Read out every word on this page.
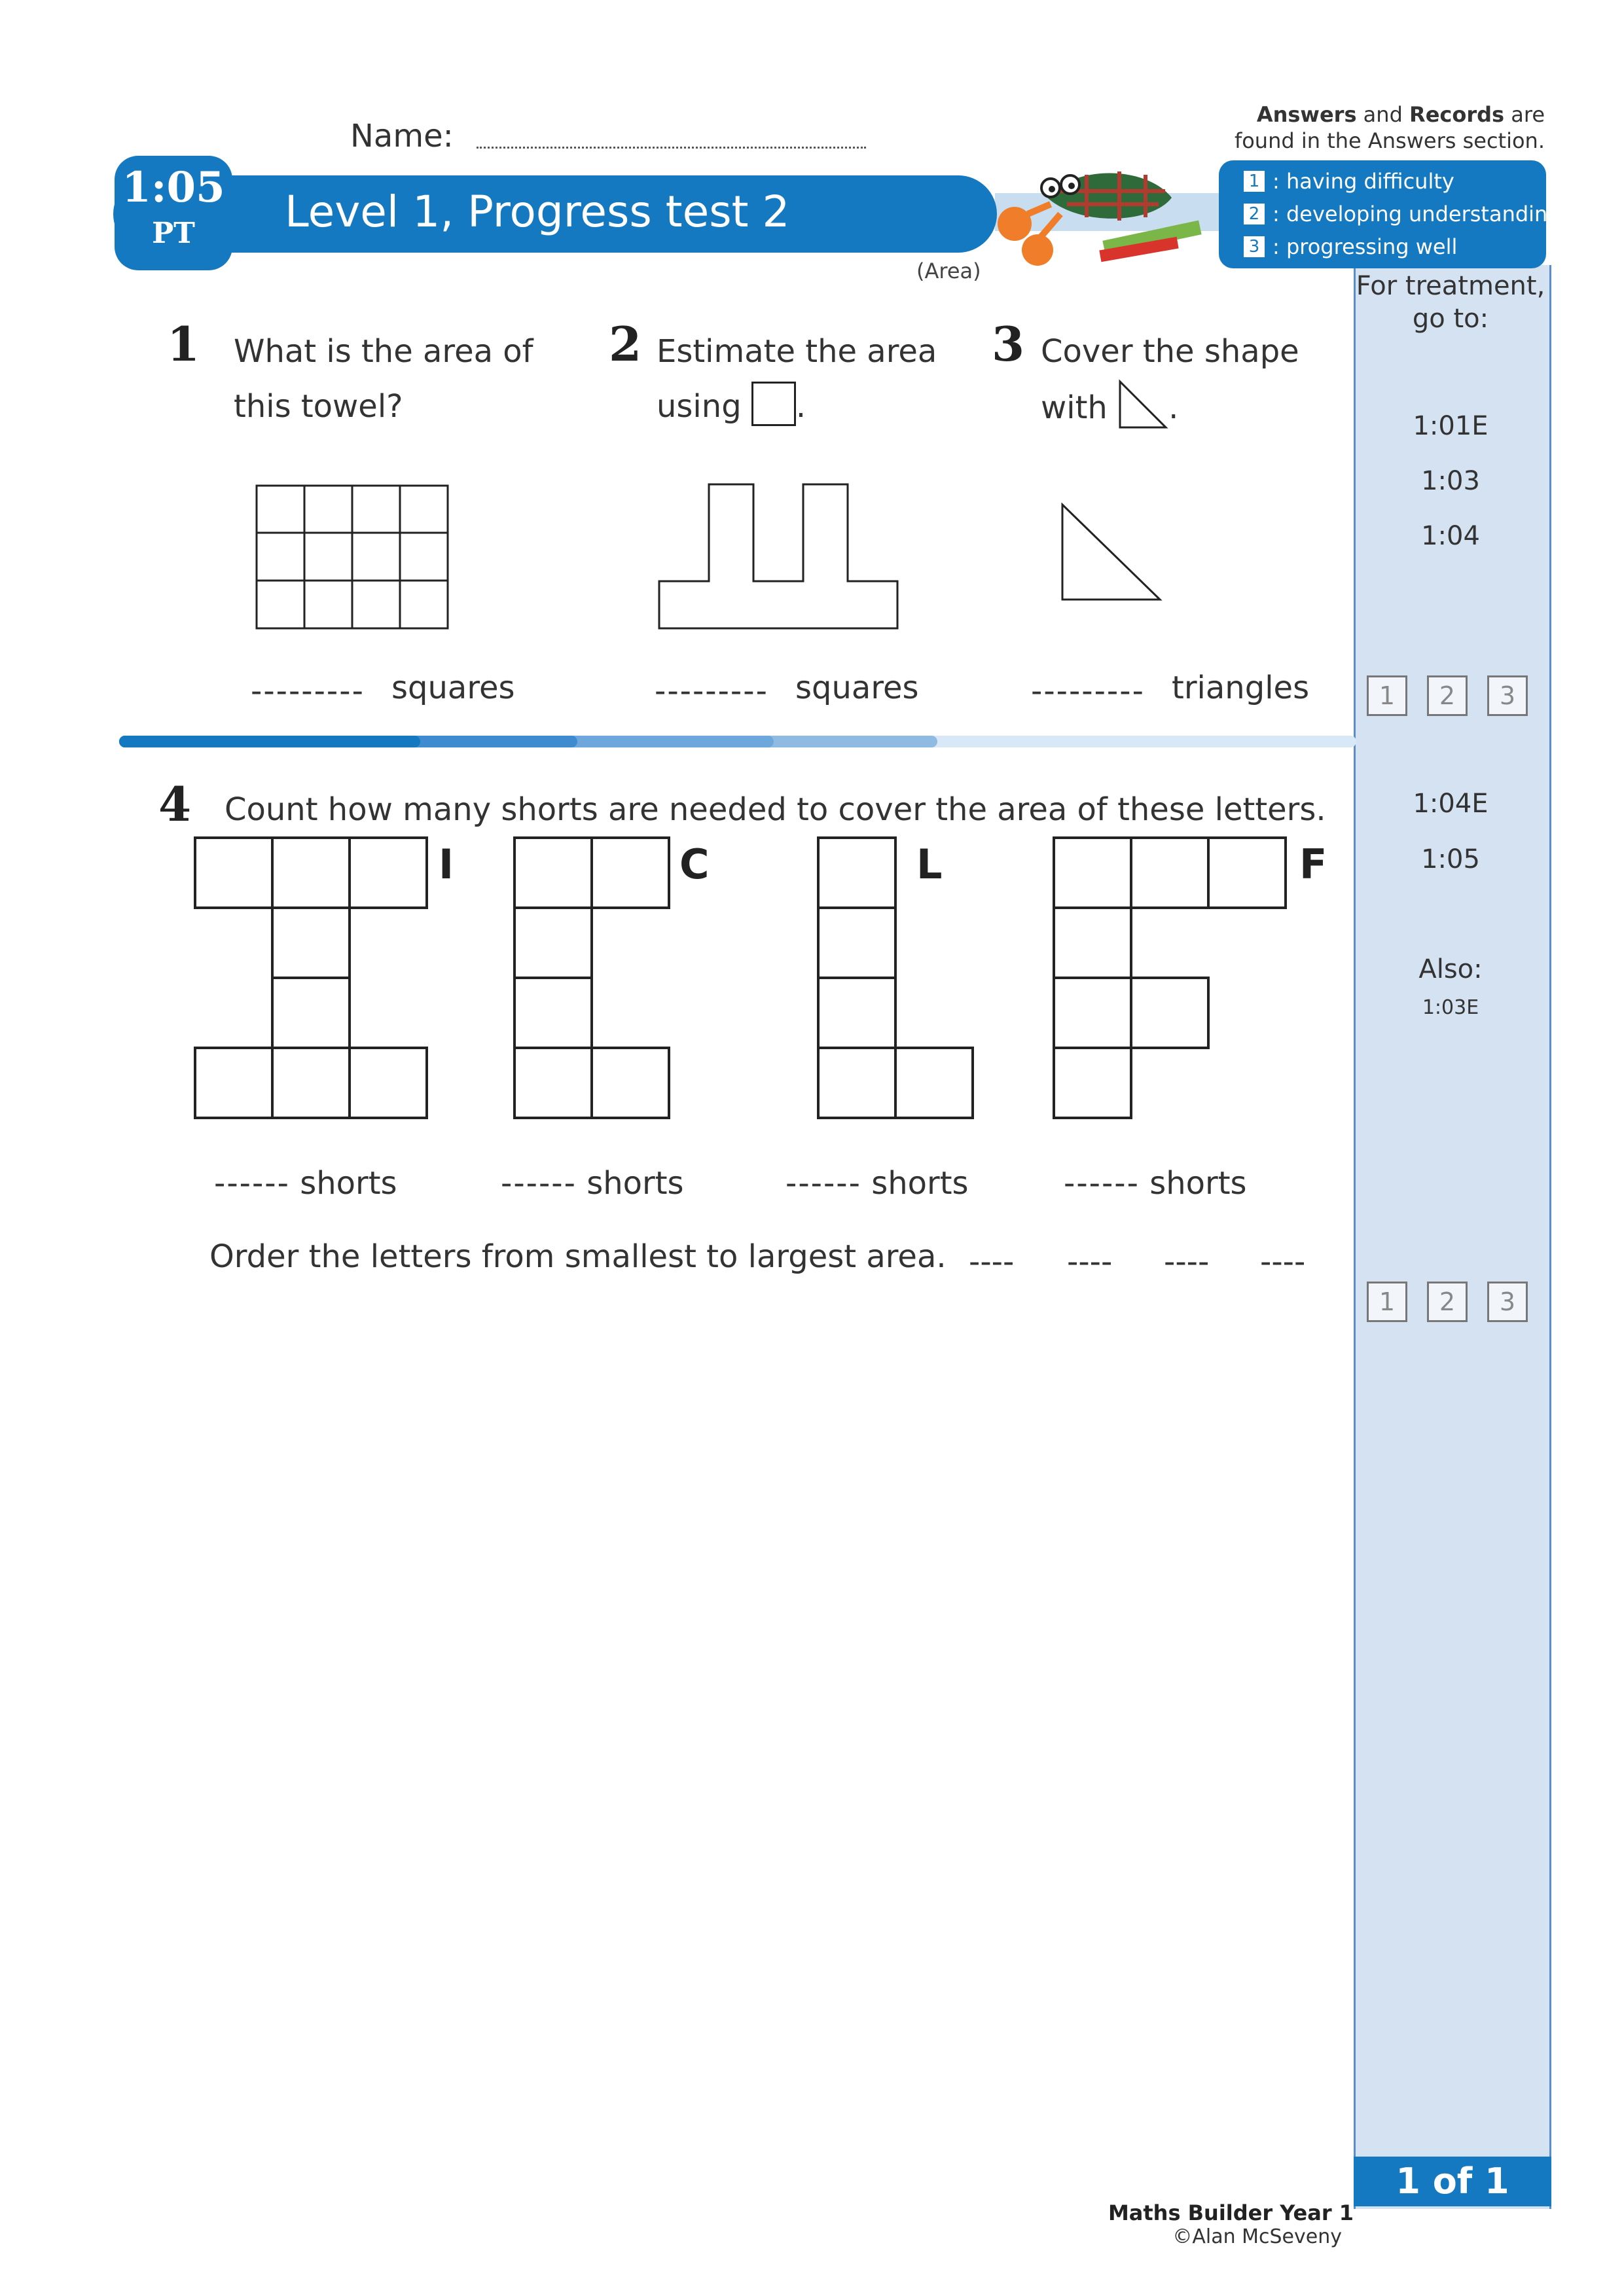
Name:
Answers and Records are
found in the Answers section.
1:05
PT	Level 1, Progress test 2
(Area)
1 : having difficulty
2 : developing understanding
3 : progressing well
For treatment,
go to:
1:01E
1:03
1:04
1	2	3
1:04E
1:05
Also:
1:03E
1	2	3
1 What is the area of
this towel?
--------- squares
2 Estimate the area
using .
--------- squares
3 Cover the shape
with .
--------- triangles
4 Count how many shorts are needed to cover the area of these letters.
I	C	L	F
------ shorts	------ shorts	------ shorts	------ shorts
Order the letters from smallest to largest area. ---- ---- ---- ----
1 of 1
Maths Builder Year 1
©Alan McSeveny
